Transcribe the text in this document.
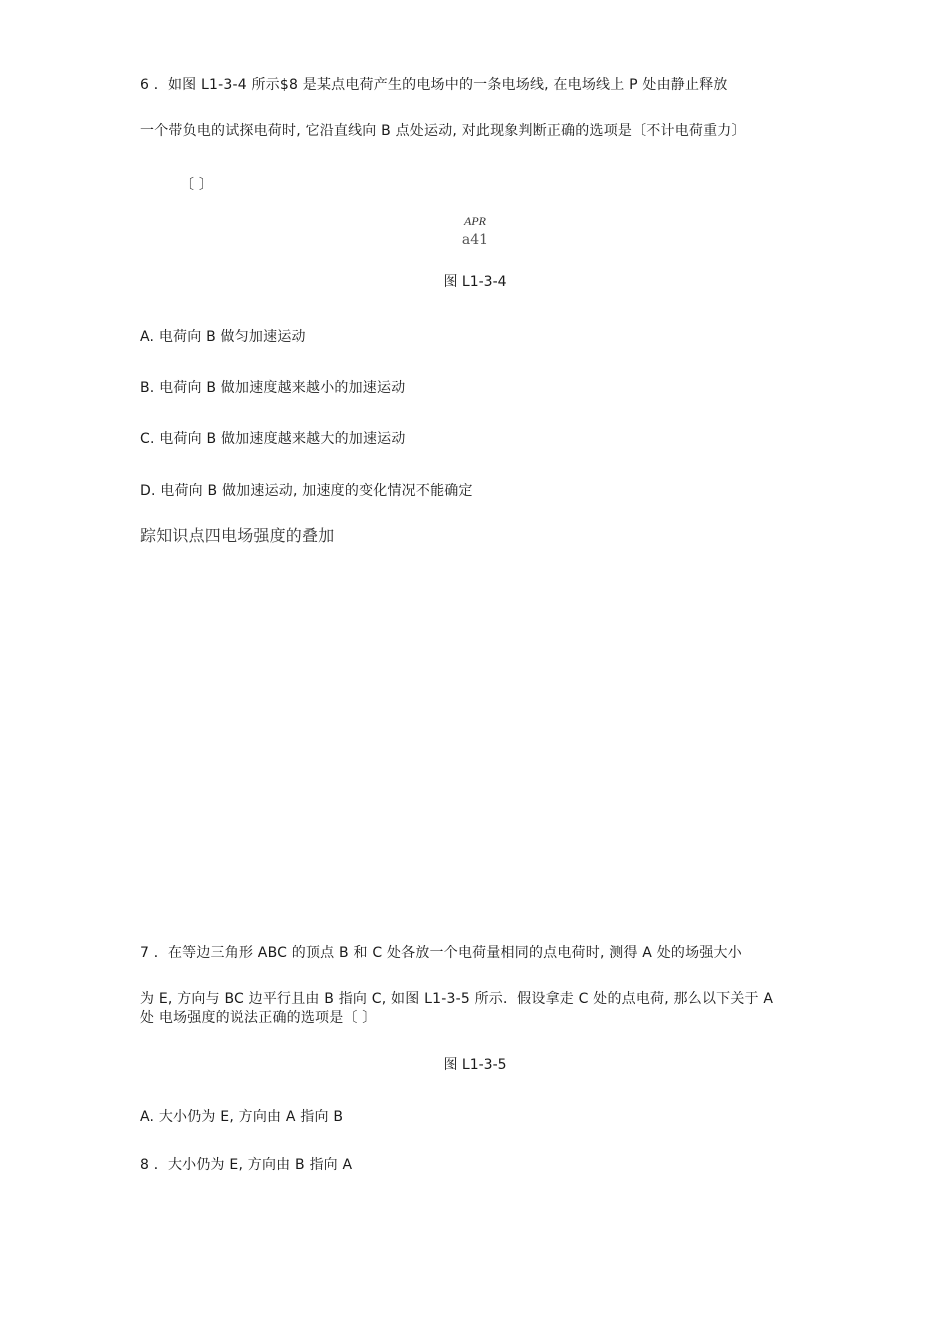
6 ．如图 L1-3-4 所示$8 是某点电荷产生的电场中的一条电场线, 在电场线上 P 处由静止释放
一个带负电的试探电荷时, 它沿直线向 B 点处运动, 对此现象判断正确的选项是〔不计电荷重力〕
〔 〕
APR
a41
图 L1-3-4
A. 电荷向 B 做匀加速运动
B. 电荷向 B 做加速度越来越小的加速运动
C. 电荷向 B 做加速度越来越大的加速运动
D. 电荷向 B 做加速运动, 加速度的变化情况不能确定
踪知识点四电场强度的叠加
7 ．在等边三角形 ABC 的顶点 B 和 C 处各放一个电荷量相同的点电荷时, 测得 A 处的场强大小
为 E, 方向与 BC 边平行且由 B 指向 C, 如图 L1-3-5 所示．假设拿走 C 处的点电荷, 那么以下关于 A
处 电场强度的说法正确的选项是〔 〕
图 L1-3-5
A. 大小仍为 E, 方向由 A 指向 B
8 ．大小仍为 E, 方向由 B 指向 A
